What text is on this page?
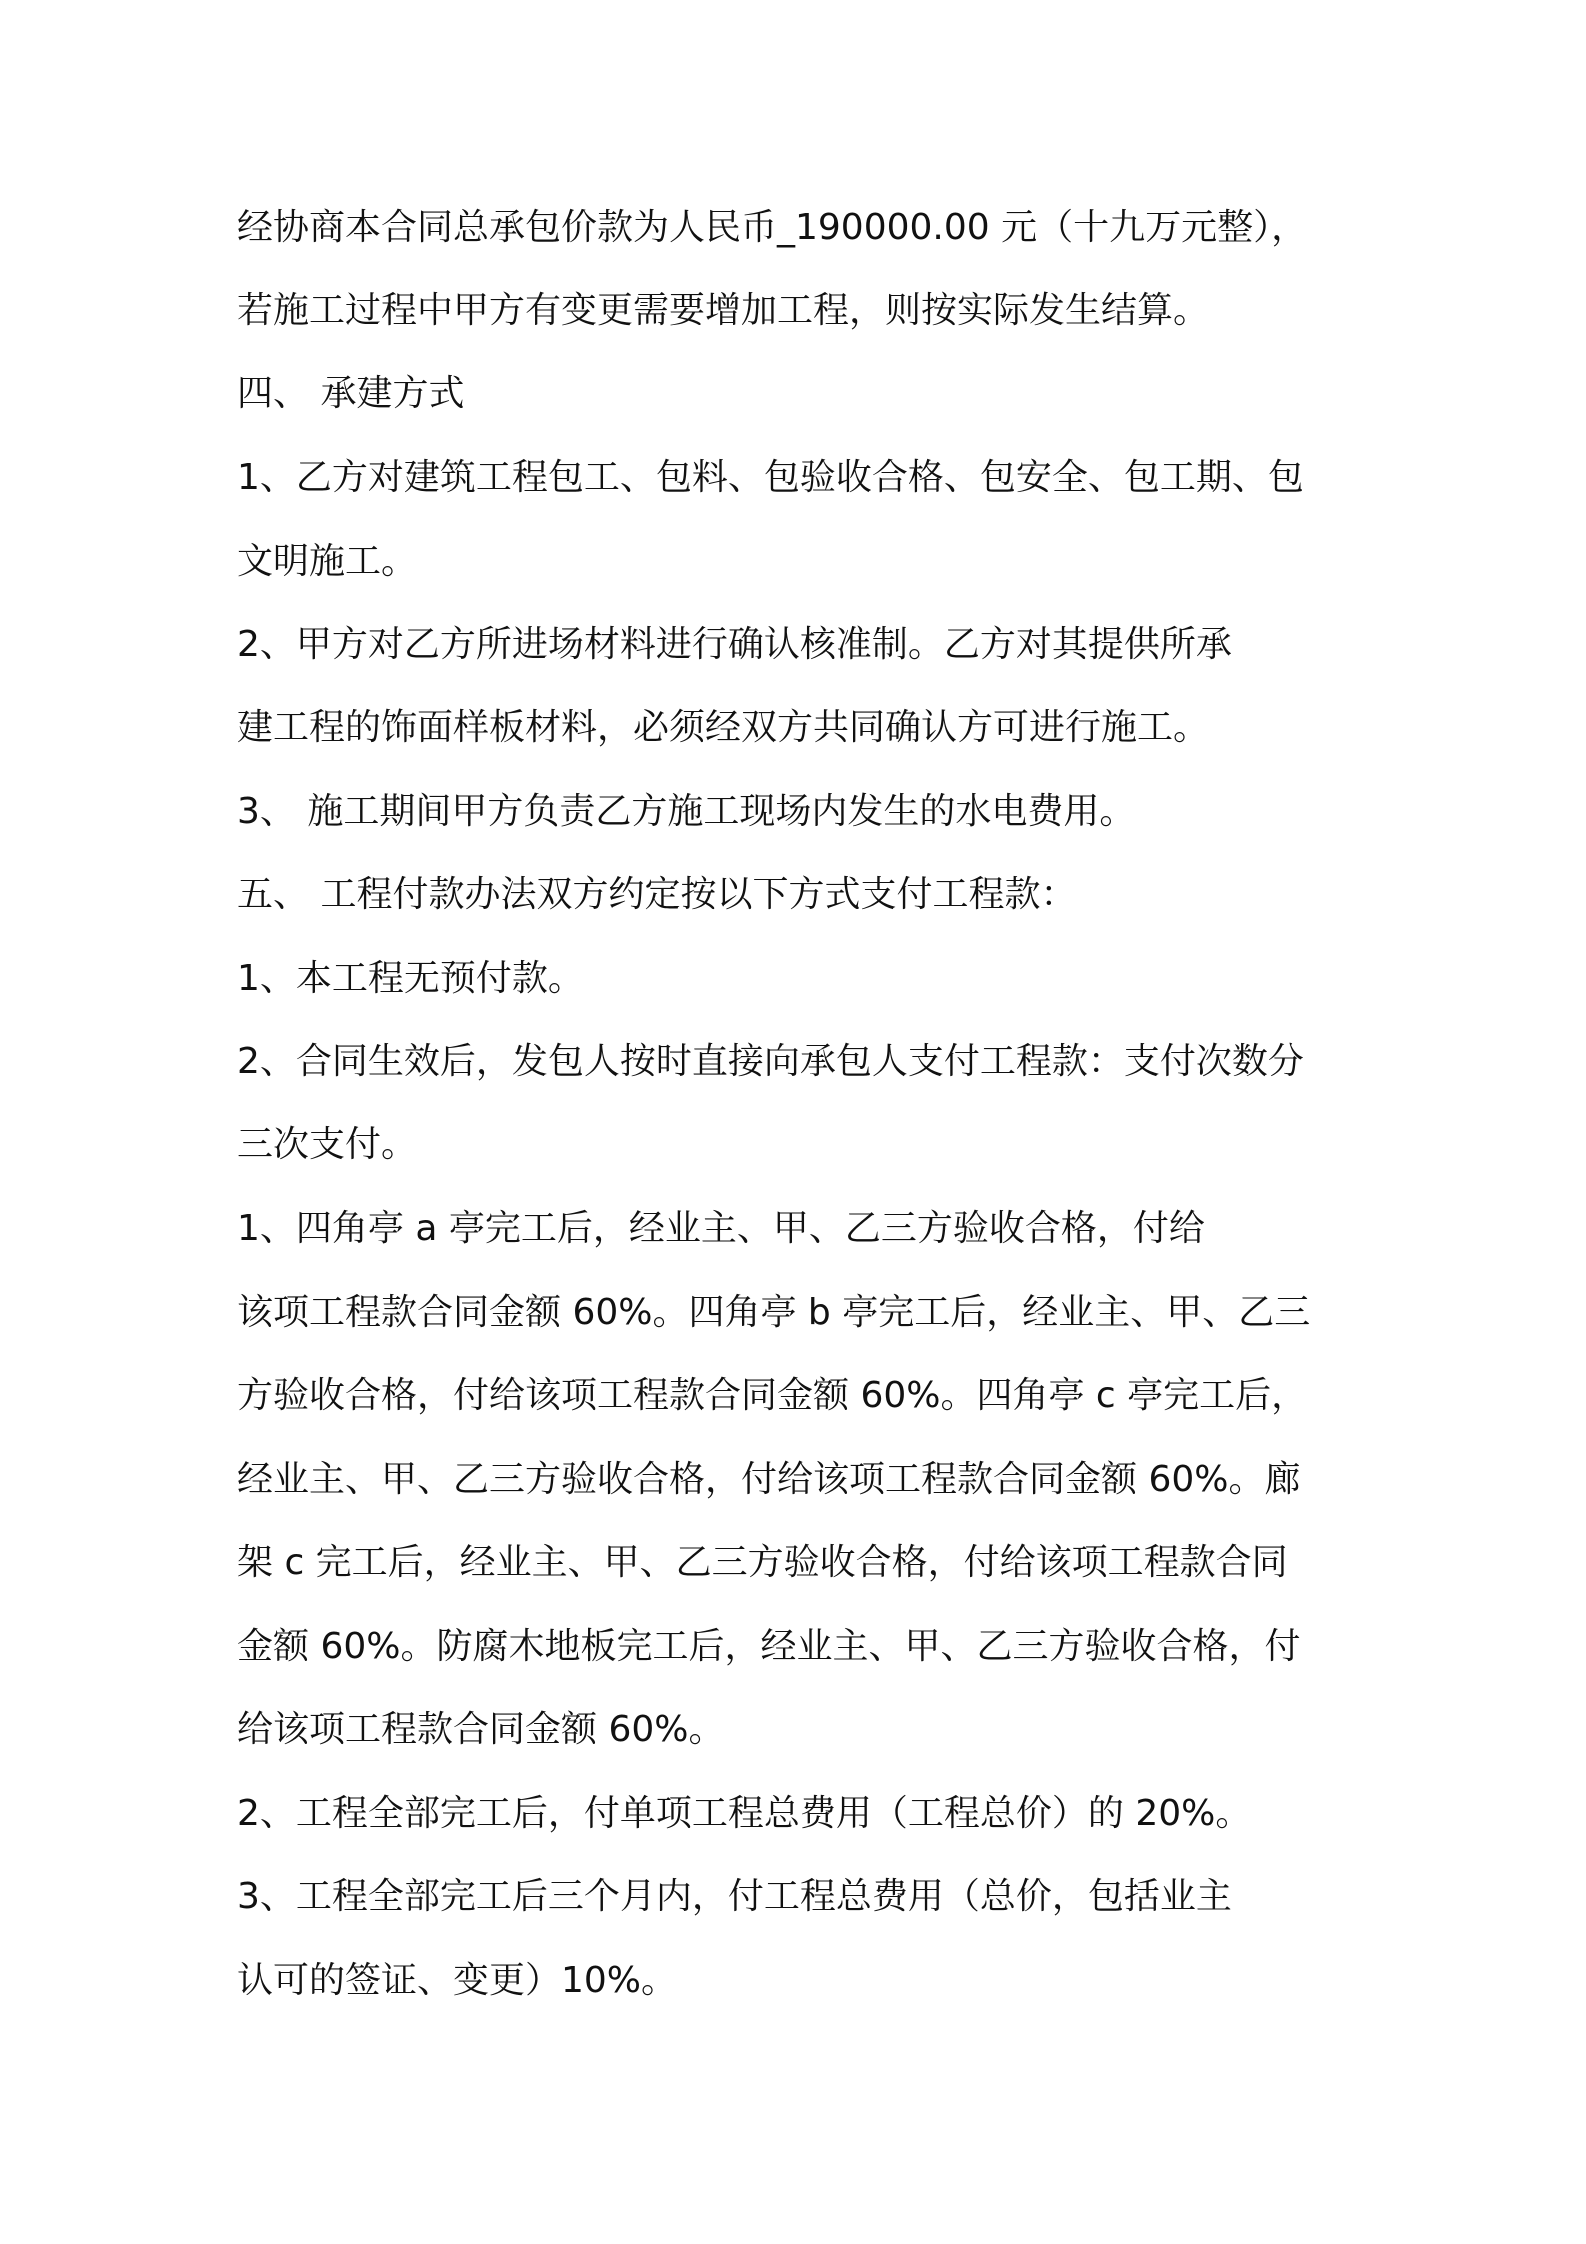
经协商本合同总承包价款为人民币_190000.00 元（十九万元整），

若施工过程中甲方有变更需要增加工程，则按实际发生结算。

四、 承建方式

1、乙方对建筑工程包工、包料、包验收合格、包安全、包工期、包

文明施工。

2、甲方对乙方所进场材料进行确认核准制。乙方对其提供所承

建工程的饰面样板材料，必须经双方共同确认方可进行施工。

3、 施工期间甲方负责乙方施工现场内发生的水电费用。

五、 工程付款办法双方约定按以下方式支付工程款：

1、本工程无预付款。

2、合同生效后，发包人按时直接向承包人支付工程款：支付次数分

三次支付。

1、四角亭 a 亭完工后，经业主、甲、乙三方验收合格，付给

该项工程款合同金额 60%。四角亭 b 亭完工后，经业主、甲、乙三

方验收合格，付给该项工程款合同金额 60%。四角亭 c 亭完工后，

经业主、甲、乙三方验收合格，付给该项工程款合同金额 60%。廊

架 c 完工后，经业主、甲、乙三方验收合格，付给该项工程款合同

金额 60%。防腐木地板完工后，经业主、甲、乙三方验收合格，付

给该项工程款合同金额 60%。

2、工程全部完工后，付单项工程总费用（工程总价）的 20%。

3、工程全部完工后三个月内，付工程总费用（总价，包括业主

认可的签证、变更）10%。
